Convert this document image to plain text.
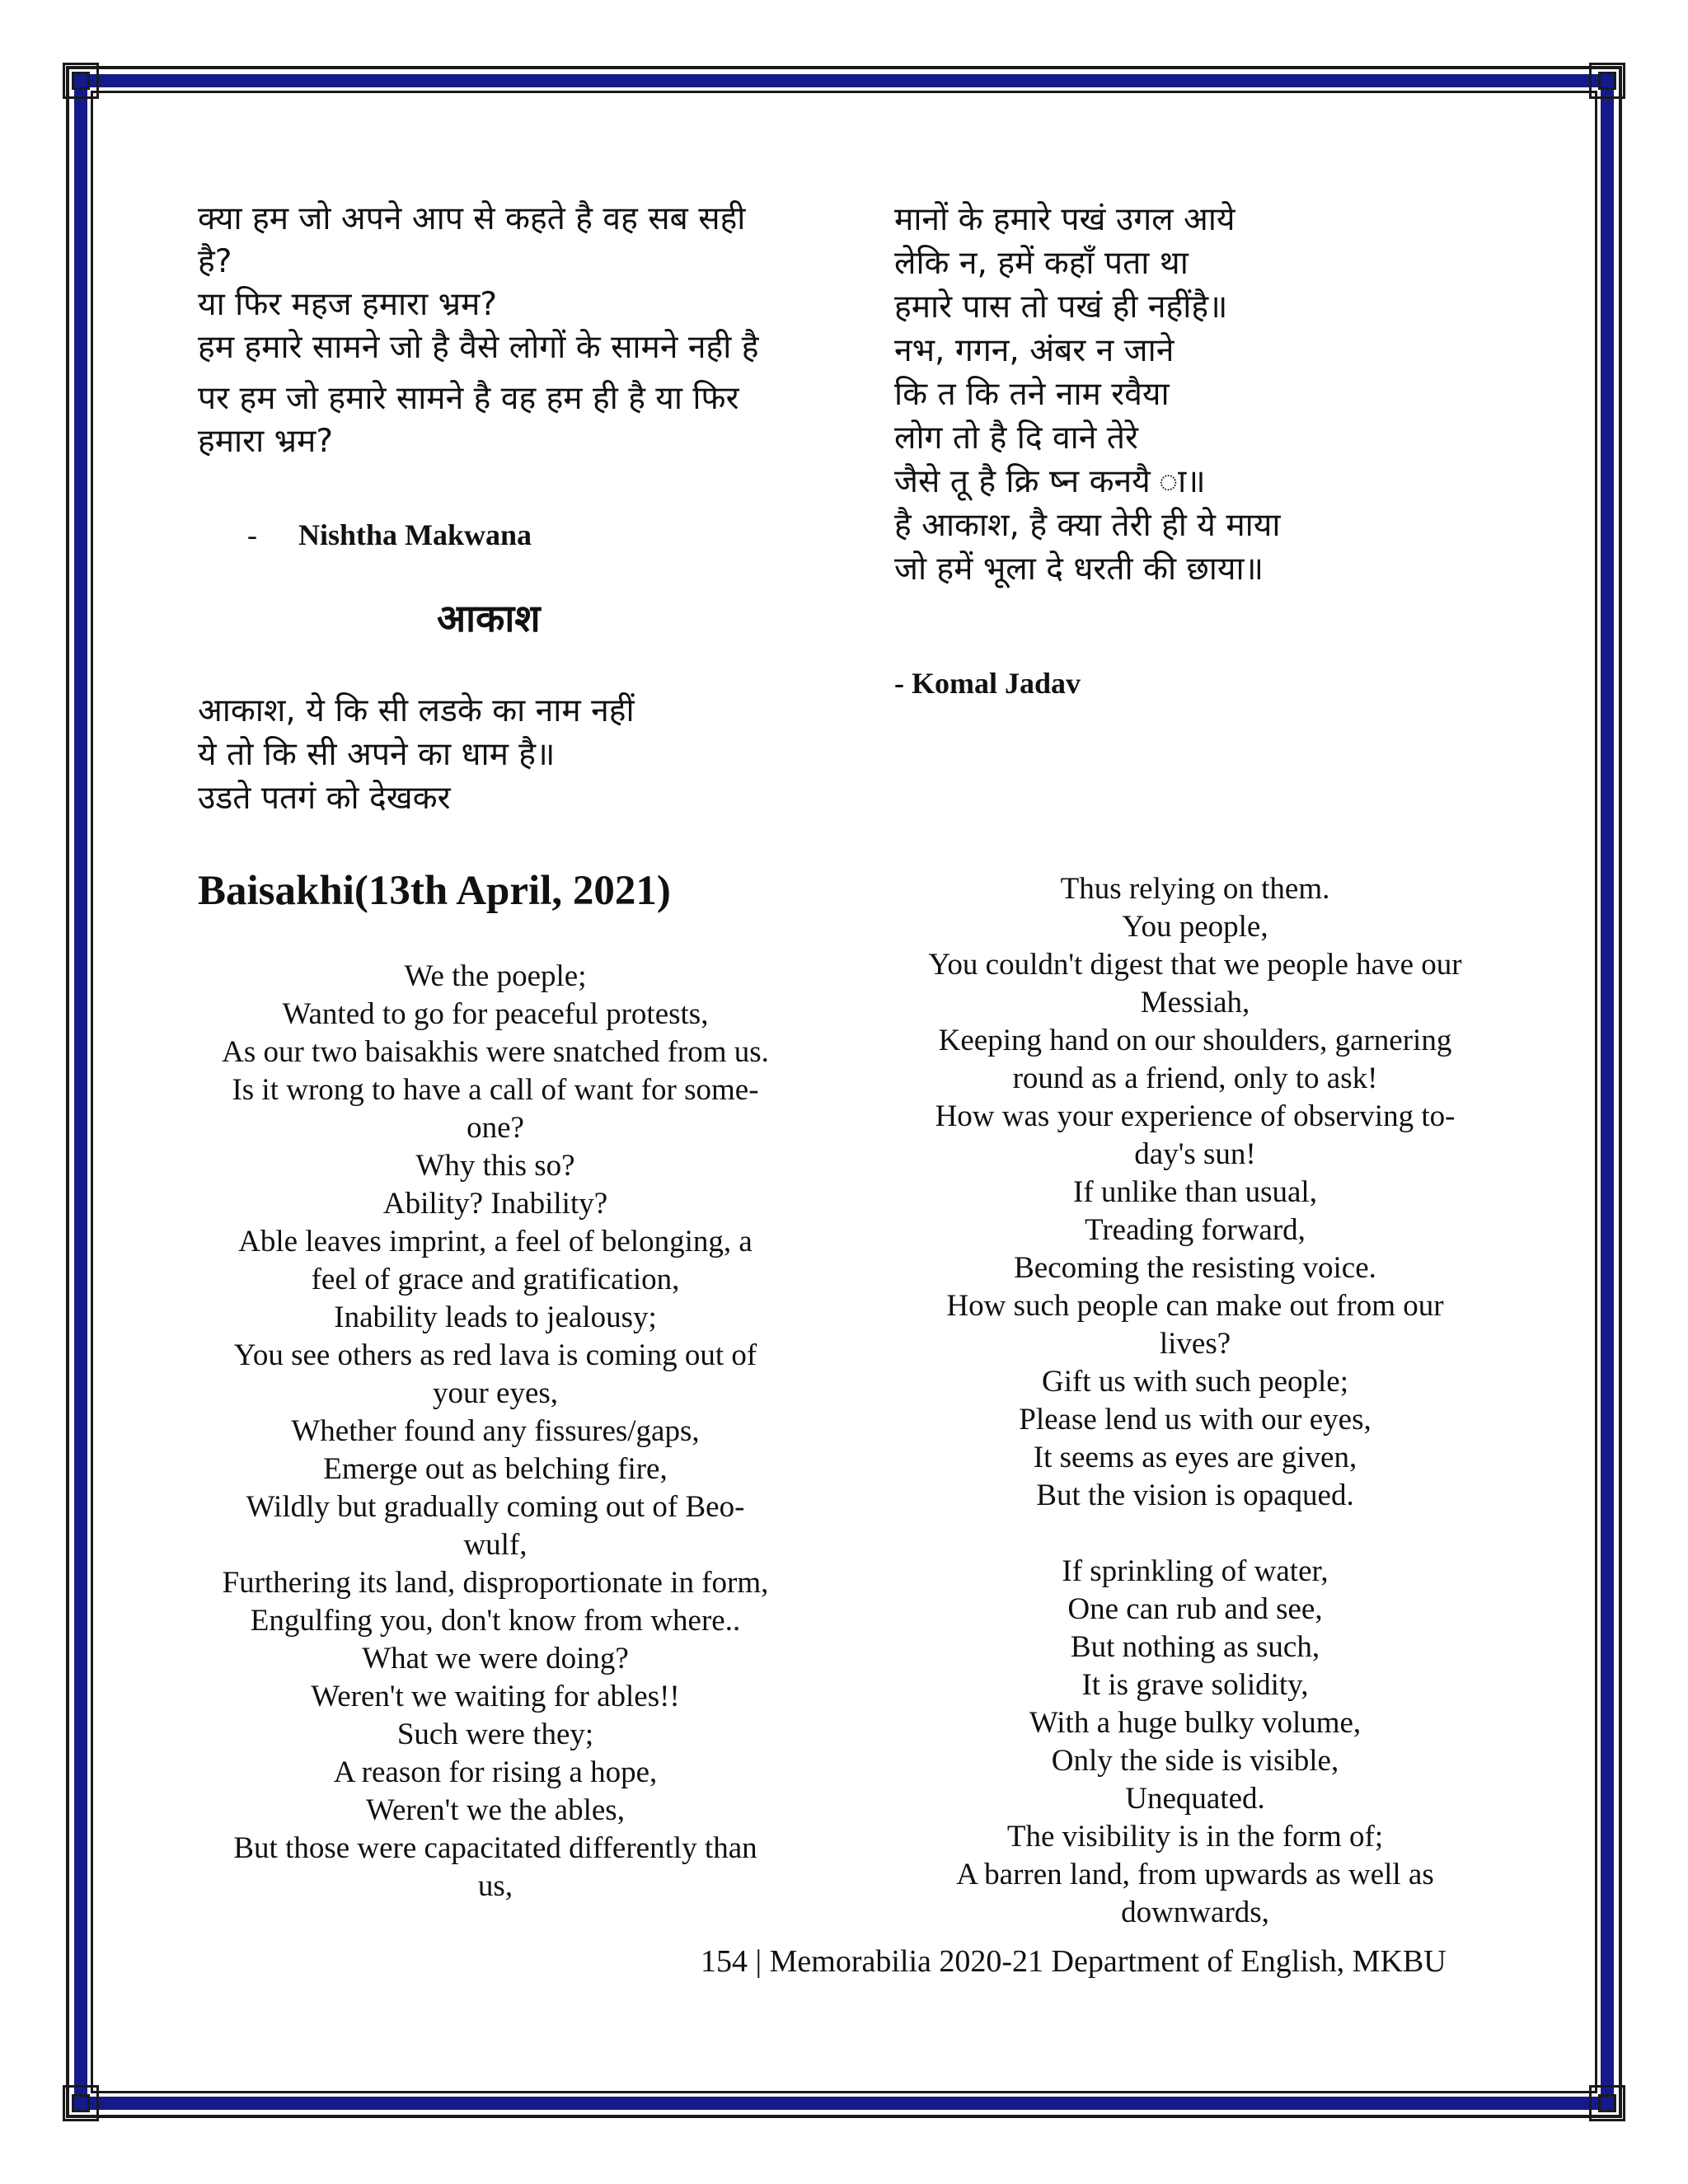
क्या हम जो अपने आप से कहते है वह सब सही
है?
या फिर महज हमारा भ्रम?
हम हमारे सामने जो है वैसे लोगों के सामने नही है
पर हम जो हमारे सामने है वह हम ही है या फिर
हमारा भ्रम?
- Nishtha Makwana
आकाश
आकाश, ये कि सी लडके का नाम नहीं
ये तो कि सी अपने का धाम है॥
उडते पतगं को देखकर
मानों के हमारे पखं उगल आये
लेकि न, हमें कहाँ पता था
हमारे पास तो पखं ही नहींहै॥
नभ, गगन, अंबर न जाने
कि त कि तने नाम रवैया
लोग तो है दि वाने तेरे
जैसे तू है क्रि ष्न कनयै ा॥
है आकाश, है क्या तेरी ही ये माया
जो हमें भूला दे धरती की छाया॥
- Komal Jadav
Baisakhi(13th April, 2021)
We the poeple;
Wanted to go for peaceful protests,
As our two baisakhis were snatched from us.
Is it wrong to have a call of want for some-
one?
Why this so?
Ability? Inability?
Able leaves imprint, a feel of belonging, a
feel of grace and gratification,
Inability leads to jealousy;
You see others as red lava is coming out of
your eyes,
Whether found any fissures/gaps,
Emerge out as belching fire,
Wildly but gradually coming out of Beo-
wulf,
Furthering its land, disproportionate in form,
Engulfing you, don't know from where..
What we were doing?
Weren't we waiting for ables!!
Such were they;
A reason for rising a hope,
Weren't we the ables,
But those were capacitated differently than
us,
Thus relying on them.
You people,
You couldn't digest that we people have our
Messiah,
Keeping hand on our shoulders, garnering
round as a friend, only to ask!
How was your experience of observing to-
day's sun!
If unlike than usual,
Treading forward,
Becoming the resisting voice.
How such people can make out from our
lives?
Gift us with such people;
Please lend us with our eyes,
It seems as eyes are given,
But the vision is opaqued.
If sprinkling of water,
One can rub and see,
But nothing as such,
It is grave solidity,
With a huge bulky volume,
Only the side is visible,
Unequated.
The visibility is in the form of;
A barren land, from upwards as well as
downwards,
154 | Memorabilia 2020-21 Department of English, MKBU
